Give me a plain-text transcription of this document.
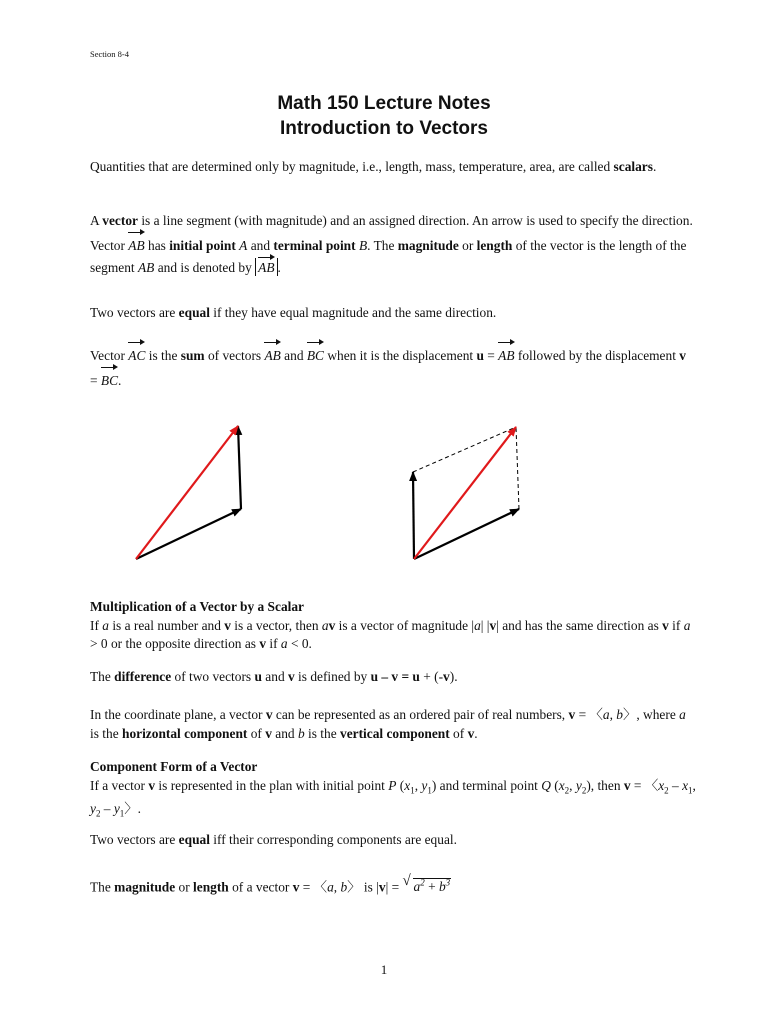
Section 8-4
Math 150 Lecture Notes
Introduction to Vectors
Quantities that are determined only by magnitude, i.e., length, mass, temperature, area, are called scalars.
A vector is a line segment (with magnitude) and an assigned direction. An arrow is used to specify the direction. Vector AB has initial point A and terminal point B. The magnitude or length of the vector is the length of the segment AB and is denoted by AB .
Two vectors are equal if they have equal magnitude and the same direction.
Vector AC is the sum of vectors AB and BC when it is the displacement u = AB followed by the displacement v = BC.
Multiplication of a Vector by a Scalar
If a is a real number and v is a vector, then av is a vector of magnitude |a| |v| and has the same direction as v if a > 0 or the opposite direction as v if a < 0.
The difference of two vectors u and v is defined by u – v = u + (-v).
In the coordinate plane, a vector v can be represented as an ordered pair of real numbers, v = 〈a, b〉, where a is the horizontal component of v and b is the vertical component of v.
Component Form of a Vector
If a vector v is represented in the plan with initial point P ($x_1$, $y_1$) and terminal point Q ($x_2$, $y_2$), then v = 〈$x_2 - x_1$, $y_2 - y_1$〉.
Two vectors are equal iff their corresponding components are equal.
The magnitude or length of a vector v = 〈a, b〉 is |v| = √ $a^2 + b^3$
1
